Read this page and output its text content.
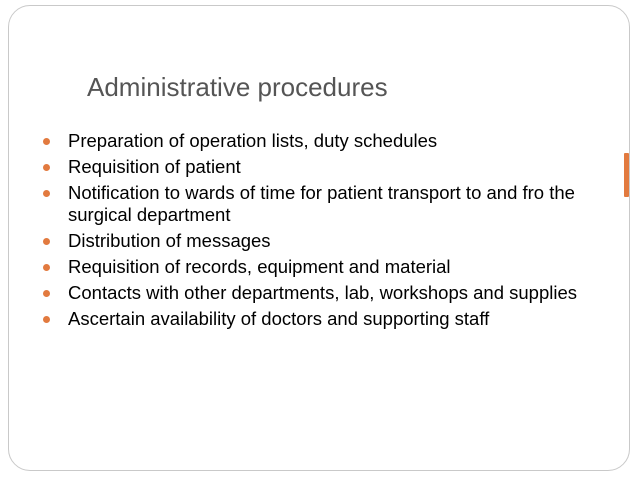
Administrative procedures
Preparation of operation lists, duty schedules
Requisition of patient
Notification to wards of time for patient transport to and fro the surgical department
Distribution of messages
Requisition of records, equipment and material
Contacts with other departments, lab, workshops and supplies
Ascertain availability of doctors and supporting staff
